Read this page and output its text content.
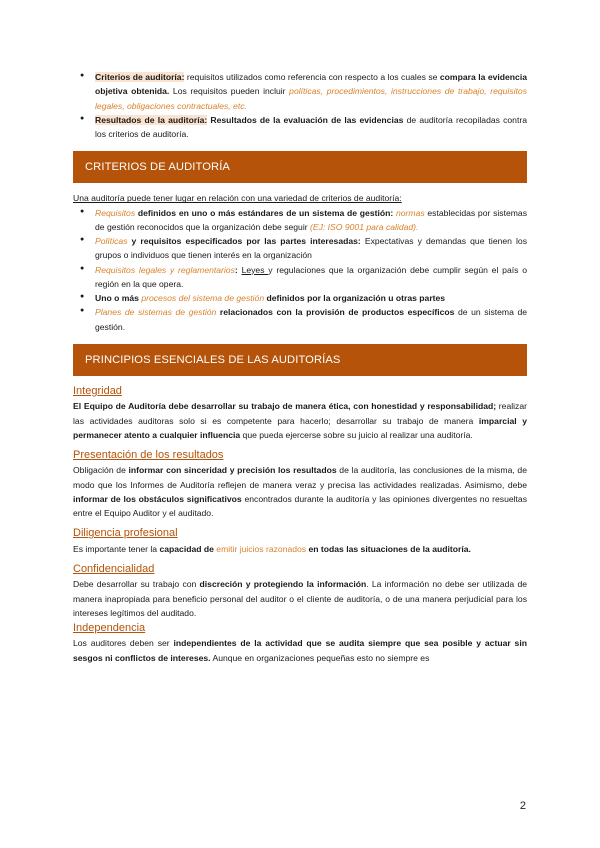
● Criterios de auditoría: requisitos utilizados como referencia con respecto a los cuales se compara la evidencia objetiva obtenida. Los requisitos pueden incluir políticas, procedimientos, instrucciones de trabajo, requisitos legales, obligaciones contractuales, etc.
● Resultados de la auditoría: Resultados de la evaluación de las evidencias de auditoría recopiladas contra los criterios de auditoría.
CRITERIOS DE AUDITORÍA
Una auditoría puede tener lugar en relación con una variedad de criterios de auditoría:
● Requisitos definidos en uno o más estándares de un sistema de gestión: normas establecidas por sistemas de gestión reconocidos que la organización debe seguir (EJ: ISO 9001 para calidad).
● Políticas y requisitos especificados por las partes interesadas: Expectativas y demandas que tienen los grupos o individuos que tienen interés en la organización
● Requisitos legales y reglamentarios: Leyes y regulaciones que la organización debe cumplir según el país o región en la que opera.
● Uno o más procesos del sistema de gestión definidos por la organización u otras partes
● Planes de sistemas de gestión relacionados con la provisión de productos específicos de un sistema de gestión.
PRINCIPIOS ESENCIALES DE LAS AUDITORÍAS
Integridad

El Equipo de Auditoría debe desarrollar su trabajo de manera ética, con honestidad y responsabilidad; realizar las actividades auditoras solo si es competente para hacerlo; desarrollar su trabajo de manera imparcial y permanecer atento a cualquier influencia que pueda ejercerse sobre su juicio al realizar una auditoría.

Presentación de los resultados

Obligación de informar con sinceridad y precisión los resultados de la auditoría, las conclusiones de la misma, de modo que los Informes de Auditoría reflejen de manera veraz y precisa las actividades realizadas. Asimismo, debe informar de los obstáculos significativos encontrados durante la auditoría y las opiniones divergentes no resueltas entre el Equipo Auditor y el auditado.

Diligencia profesional

Es importante tener la capacidad de emitir juicios razonados en todas las situaciones de la auditoría.

Confidencialidad

Debe desarrollar su trabajo con discreción y protegiendo la información. La información no debe ser utilizada de manera inapropiada para beneficio personal del auditor o el cliente de auditoría, o de una manera perjudicial para los intereses legítimos del auditado.

Independencia

Los auditores deben ser independientes de la actividad que se audita siempre que sea posible y actuar sin sesgos ni conflictos de intereses. Aunque en organizaciones pequeñas esto no siempre es

2
